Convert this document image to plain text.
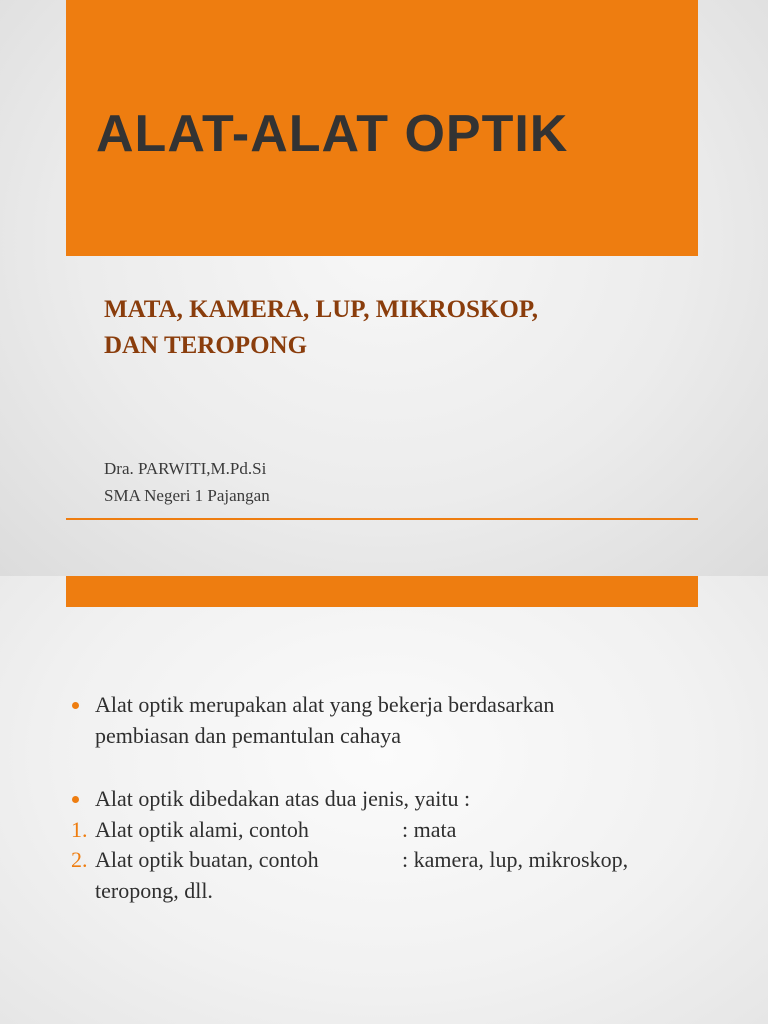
ALAT-ALAT OPTIK
MATA, KAMERA, LUP, MIKROSKOP,
DAN TEROPONG
Dra. PARWITI,M.Pd.Si
SMA Negeri 1 Pajangan
Alat optik merupakan alat yang bekerja berdasarkan
pembiasan dan pemantulan cahaya
Alat optik dibedakan atas dua jenis, yaitu :
1. Alat optik alami, contoh	: mata
2. Alat optik buatan, contoh	: kamera, lup, mikroskop,
teropong, dll.
